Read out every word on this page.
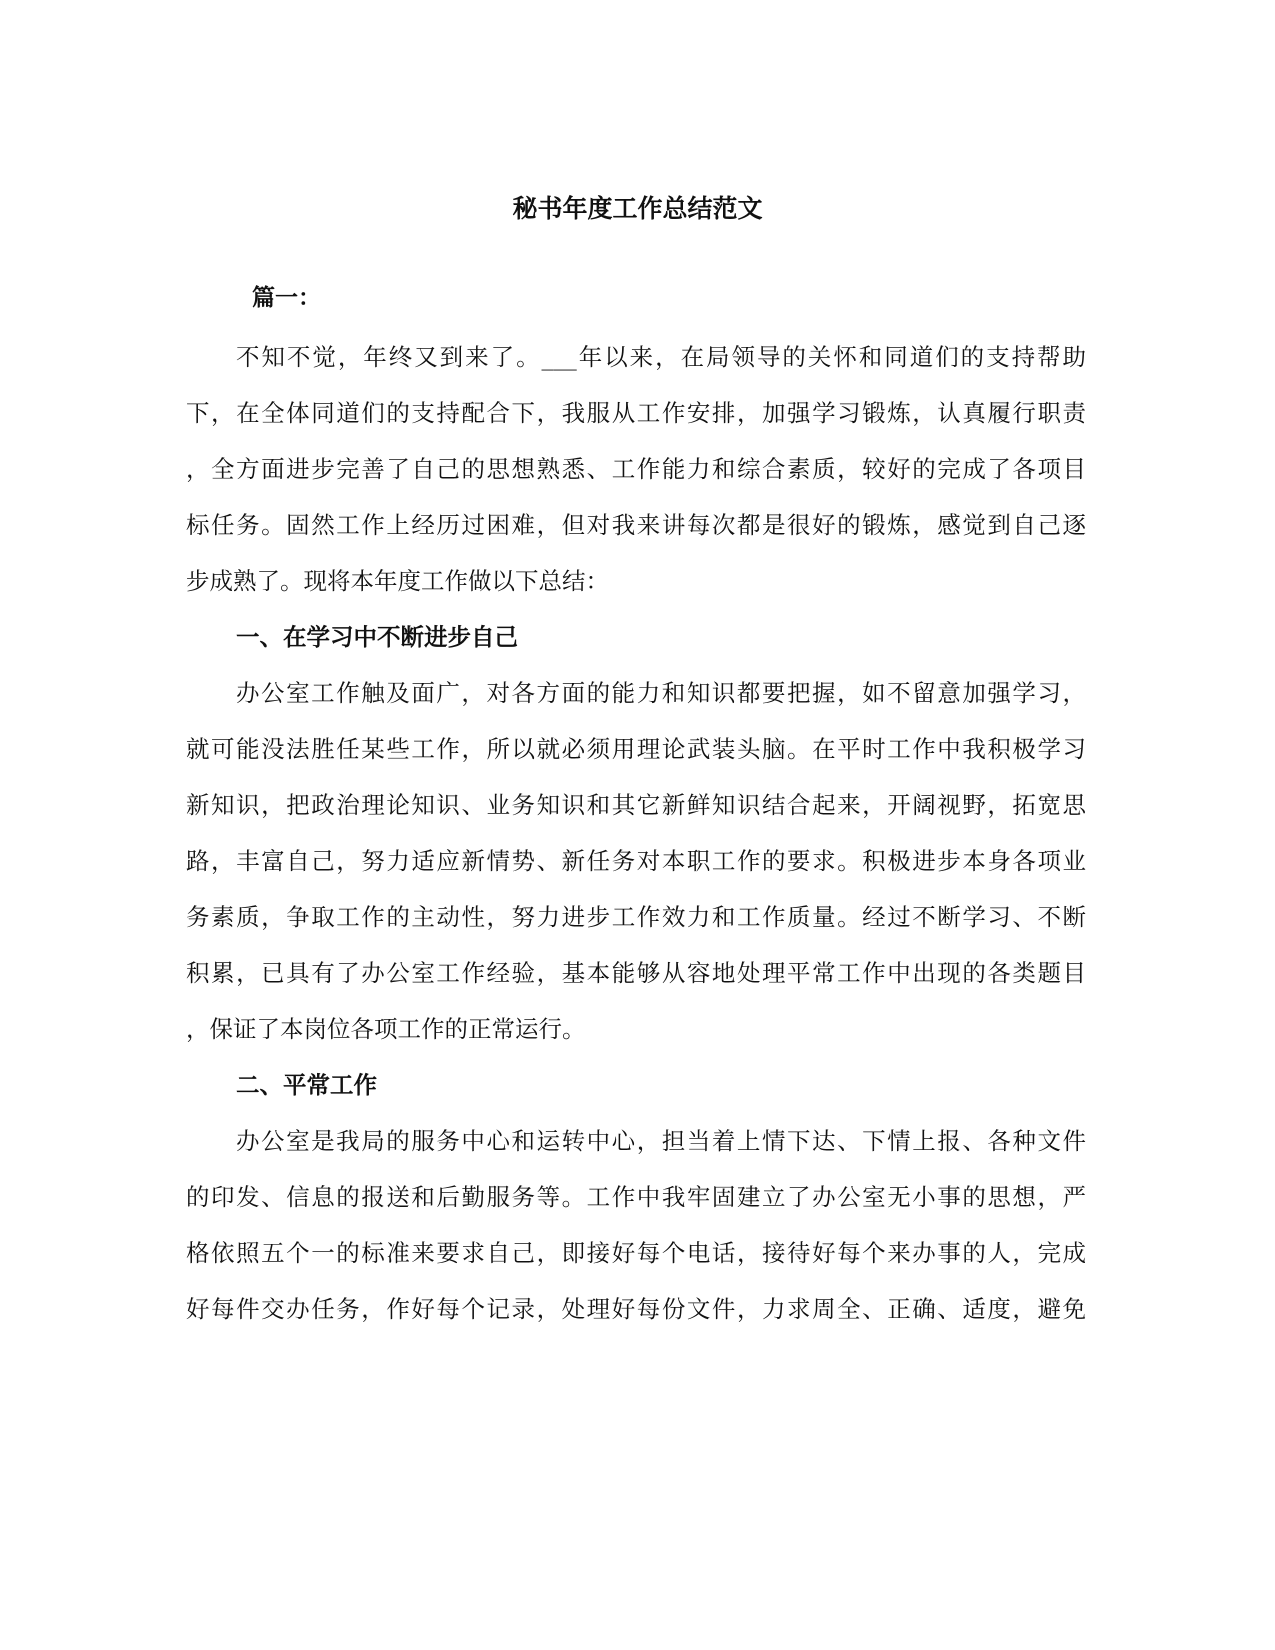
秘书年度工作总结范文

篇一：

不知不觉，年终又到来了。___年以来，在局领导的关怀和同道们的支持帮助

下，在全体同道们的支持配合下，我服从工作安排，加强学习锻炼，认真履行职责

，全方面进步完善了自己的思想熟悉、工作能力和综合素质，较好的完成了各项目

标任务。固然工作上经历过困难，但对我来讲每次都是很好的锻炼，感觉到自己逐

步成熟了。现将本年度工作做以下总结：

一、在学习中不断进步自己

办公室工作触及面广，对各方面的能力和知识都要把握，如不留意加强学习，

就可能没法胜任某些工作，所以就必须用理论武装头脑。在平时工作中我积极学习

新知识，把政治理论知识、业务知识和其它新鲜知识结合起来，开阔视野，拓宽思

路，丰富自己，努力适应新情势、新任务对本职工作的要求。积极进步本身各项业

务素质，争取工作的主动性，努力进步工作效力和工作质量。经过不断学习、不断

积累，已具有了办公室工作经验，基本能够从容地处理平常工作中出现的各类题目

，保证了本岗位各项工作的正常运行。

二、平常工作

办公室是我局的服务中心和运转中心，担当着上情下达、下情上报、各种文件

的印发、信息的报送和后勤服务等。工作中我牢固建立了办公室无小事的思想，严

格依照五个一的标准来要求自己，即接好每个电话，接待好每个来办事的人，完成

好每件交办任务，作好每个记录，处理好每份文件，力求周全、正确、适度，避免
